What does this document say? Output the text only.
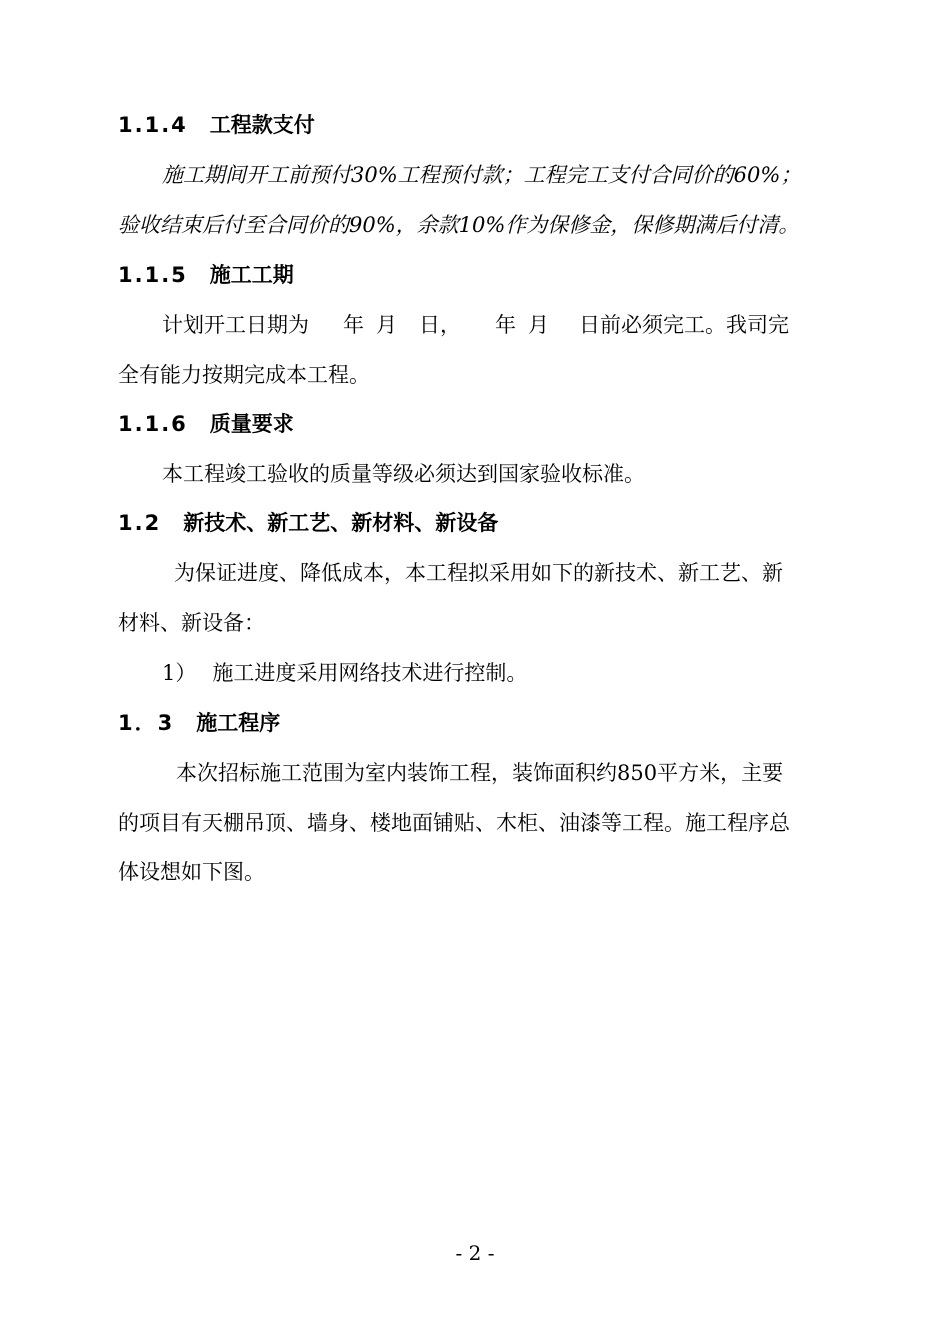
1.1.4 工程款支付
施工期间开工前预付30%工程预付款；工程完工支付合同价的60%；
验收结束后付至合同价的90%，余款10%作为保修金，保修期满后付清。
1.1.5 施工工期
计划开工日期为 年 月 日， 年 月 日前必须完工。我司完
全有能力按期完成本工程。
1.1.6 质量要求
本工程竣工验收的质量等级必须达到国家验收标准。
1.2 新技术、新工艺、新材料、新设备
为保证进度、降低成本，本工程拟采用如下的新技术、新工艺、新
材料、新设备：
1） 施工进度采用网络技术进行控制。
1．3 施工程序
本次招标施工范围为室内装饰工程，装饰面积约850平方米，主要
的项目有天棚吊顶、墙身、楼地面铺贴、木柜、油漆等工程。施工程序总
体设想如下图。
- 2 -
